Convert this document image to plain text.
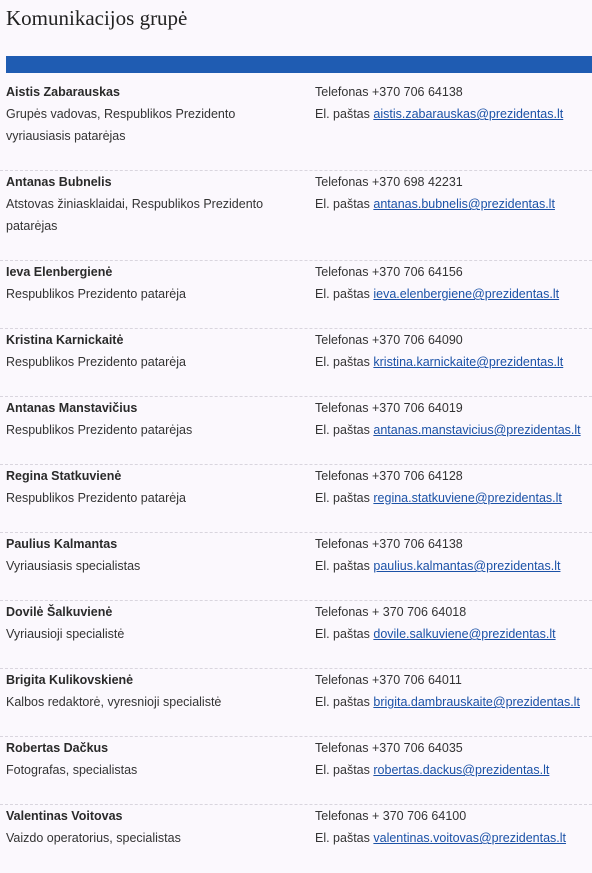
Komunikacijos grupė
Aistis Zabarauskas
Grupės vadovas, Respublikos Prezidento vyriausiasis patarėjas
Telefonas +370 706 64138
El. paštas aistis.zabarauskas@prezidentas.lt
Antanas Bubnelis
Atstovas žiniasklaidai, Respublikos Prezidento patarėjas
Telefonas +370 698 42231
El. paštas antanas.bubnelis@prezidentas.lt
Ieva Elenbergienė
Respublikos Prezidento patarėja
Telefonas +370 706 64156
El. paštas ieva.elenbergiene@prezidentas.lt
Kristina Karnickaitė
Respublikos Prezidento patarėja
Telefonas +370 706 64090
El. paštas kristina.karnickaite@prezidentas.lt
Antanas Manstavičius
Respublikos Prezidento patarėjas
Telefonas +370 706 64019
El. paštas antanas.manstavicius@prezidentas.lt
Regina Statkuvienė
Respublikos Prezidento patarėja
Telefonas +370 706 64128
El. paštas regina.statkuviene@prezidentas.lt
Paulius Kalmantas
Vyriausiasis specialistas
Telefonas +370 706 64138
El. paštas paulius.kalmantas@prezidentas.lt
Dovilė Šalkuvienė
Vyriausioji specialistė
Telefonas + 370 706 64018
El. paštas dovile.salkuviene@prezidentas.lt
Brigita Kulikovskienė
Kalbos redaktorė, vyresnioji specialistė
Telefonas +370 706 64011
El. paštas brigita.dambrauskaite@prezidentas.lt
Robertas Dačkus
Fotografas, specialistas
Telefonas +370 706 64035
El. paštas robertas.dackus@prezidentas.lt
Valentinas Voitovas
Vaizdo operatorius, specialistas
Telefonas + 370 706 64100
El. paštas valentinas.voitovas@prezidentas.lt
